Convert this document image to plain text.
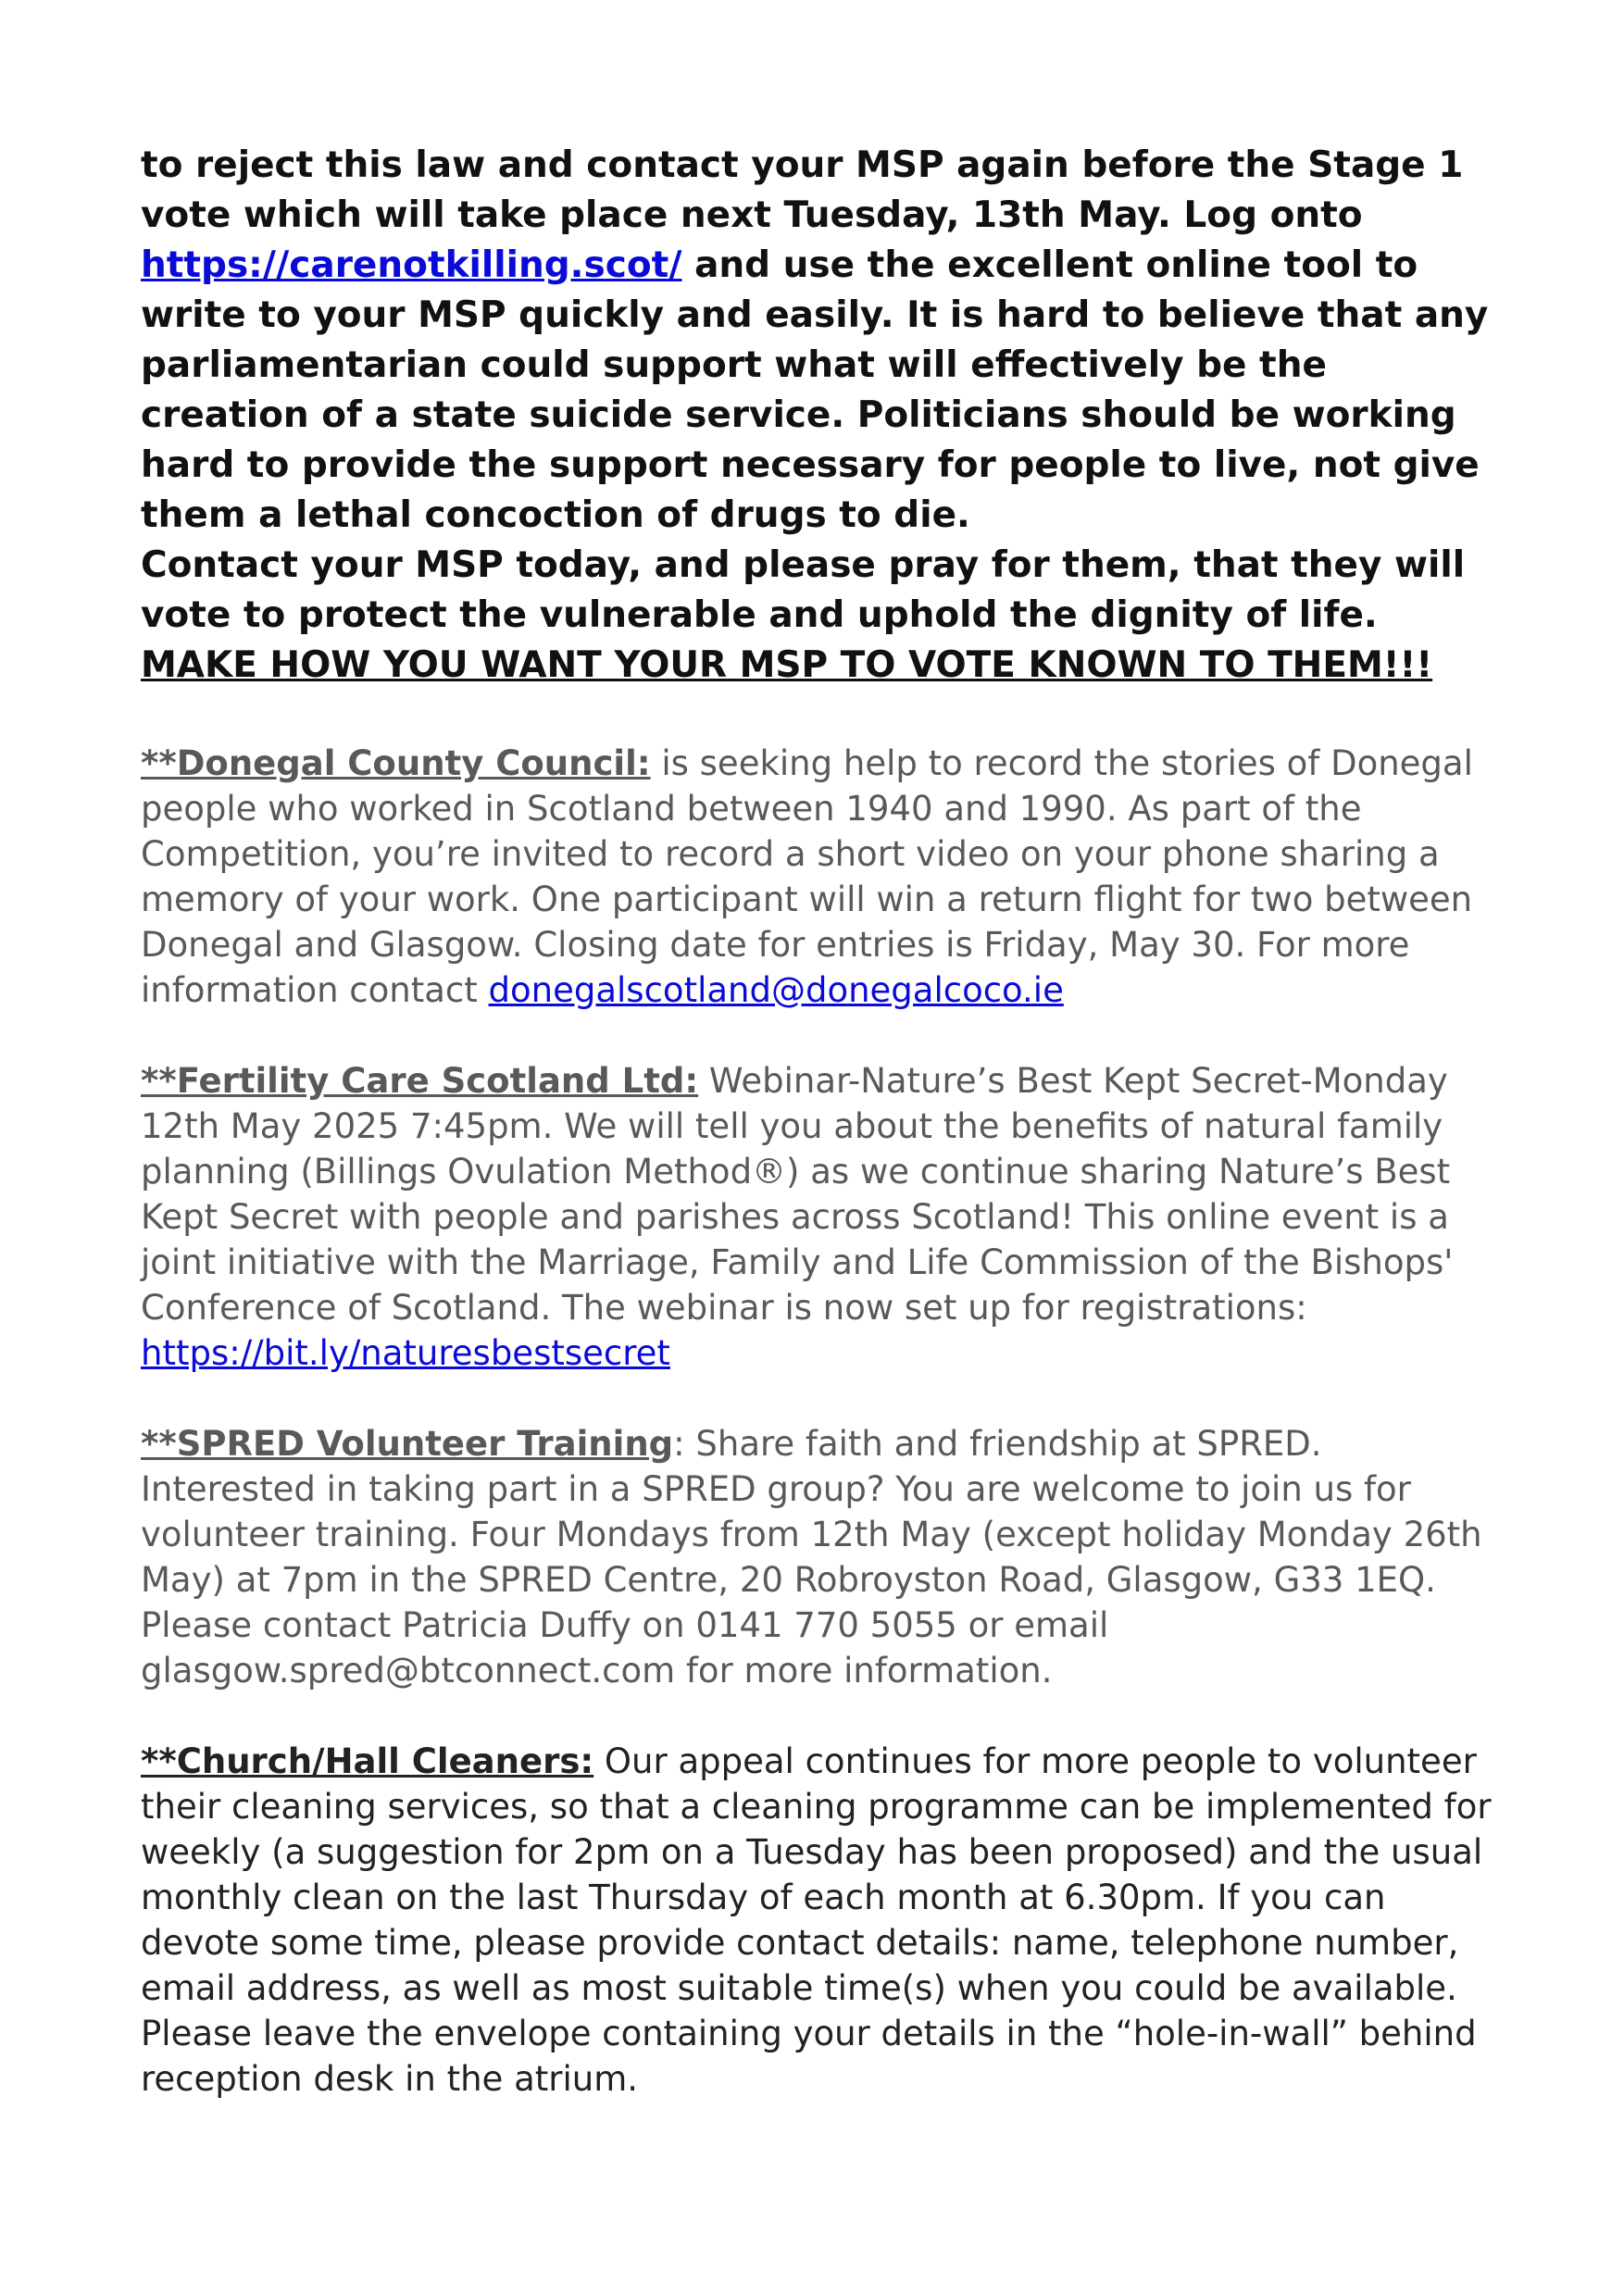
to reject this law and contact your MSP again before the Stage 1 vote which will take place next Tuesday, 13th May. Log onto https://carenotkilling.scot/ and use the excellent online tool to write to your MSP quickly and easily. It is hard to believe that any parliamentarian could support what will effectively be the creation of a state suicide service. Politicians should be working hard to provide the support necessary for people to live, not give them a lethal concoction of drugs to die.

Contact your MSP today, and please pray for them, that they will vote to protect the vulnerable and uphold the dignity of life.

MAKE HOW YOU WANT YOUR MSP TO VOTE KNOWN TO THEM!!!

**Donegal County Council: is seeking help to record the stories of Donegal people who worked in Scotland between 1940 and 1990. As part of the Competition, you’re invited to record a short video on your phone sharing a memory of your work. One participant will win a return flight for two between Donegal and Glasgow. Closing date for entries is Friday, May 30. For more information contact donegalscotland@donegalcoco.ie

**Fertility Care Scotland Ltd: Webinar-Nature’s Best Kept Secret-Monday 12th May 2025 7:45pm. We will tell you about the benefits of natural family planning (Billings Ovulation Method®) as we continue sharing Nature’s Best Kept Secret with people and parishes across Scotland! This online event is a joint initiative with the Marriage, Family and Life Commission of the Bishops' Conference of Scotland. The webinar is now set up for registrations: https://bit.ly/naturesbestsecret

**SPRED Volunteer Training: Share faith and friendship at SPRED. Interested in taking part in a SPRED group? You are welcome to join us for volunteer training. Four Mondays from 12th May (except holiday Monday 26th May) at 7pm in the SPRED Centre, 20 Robroyston Road, Glasgow, G33 1EQ. Please contact Patricia Duffy on 0141 770 5055 or email glasgow.spred@btconnect.com for more information.

**Church/Hall Cleaners: Our appeal continues for more people to volunteer their cleaning services, so that a cleaning programme can be implemented for weekly (a suggestion for 2pm on a Tuesday has been proposed) and the usual monthly clean on the last Thursday of each month at 6.30pm. If you can devote some time, please provide contact details: name, telephone number, email address, as well as most suitable time(s) when you could be available. Please leave the envelope containing your details in the “hole-in-wall” behind reception desk in the atrium.
